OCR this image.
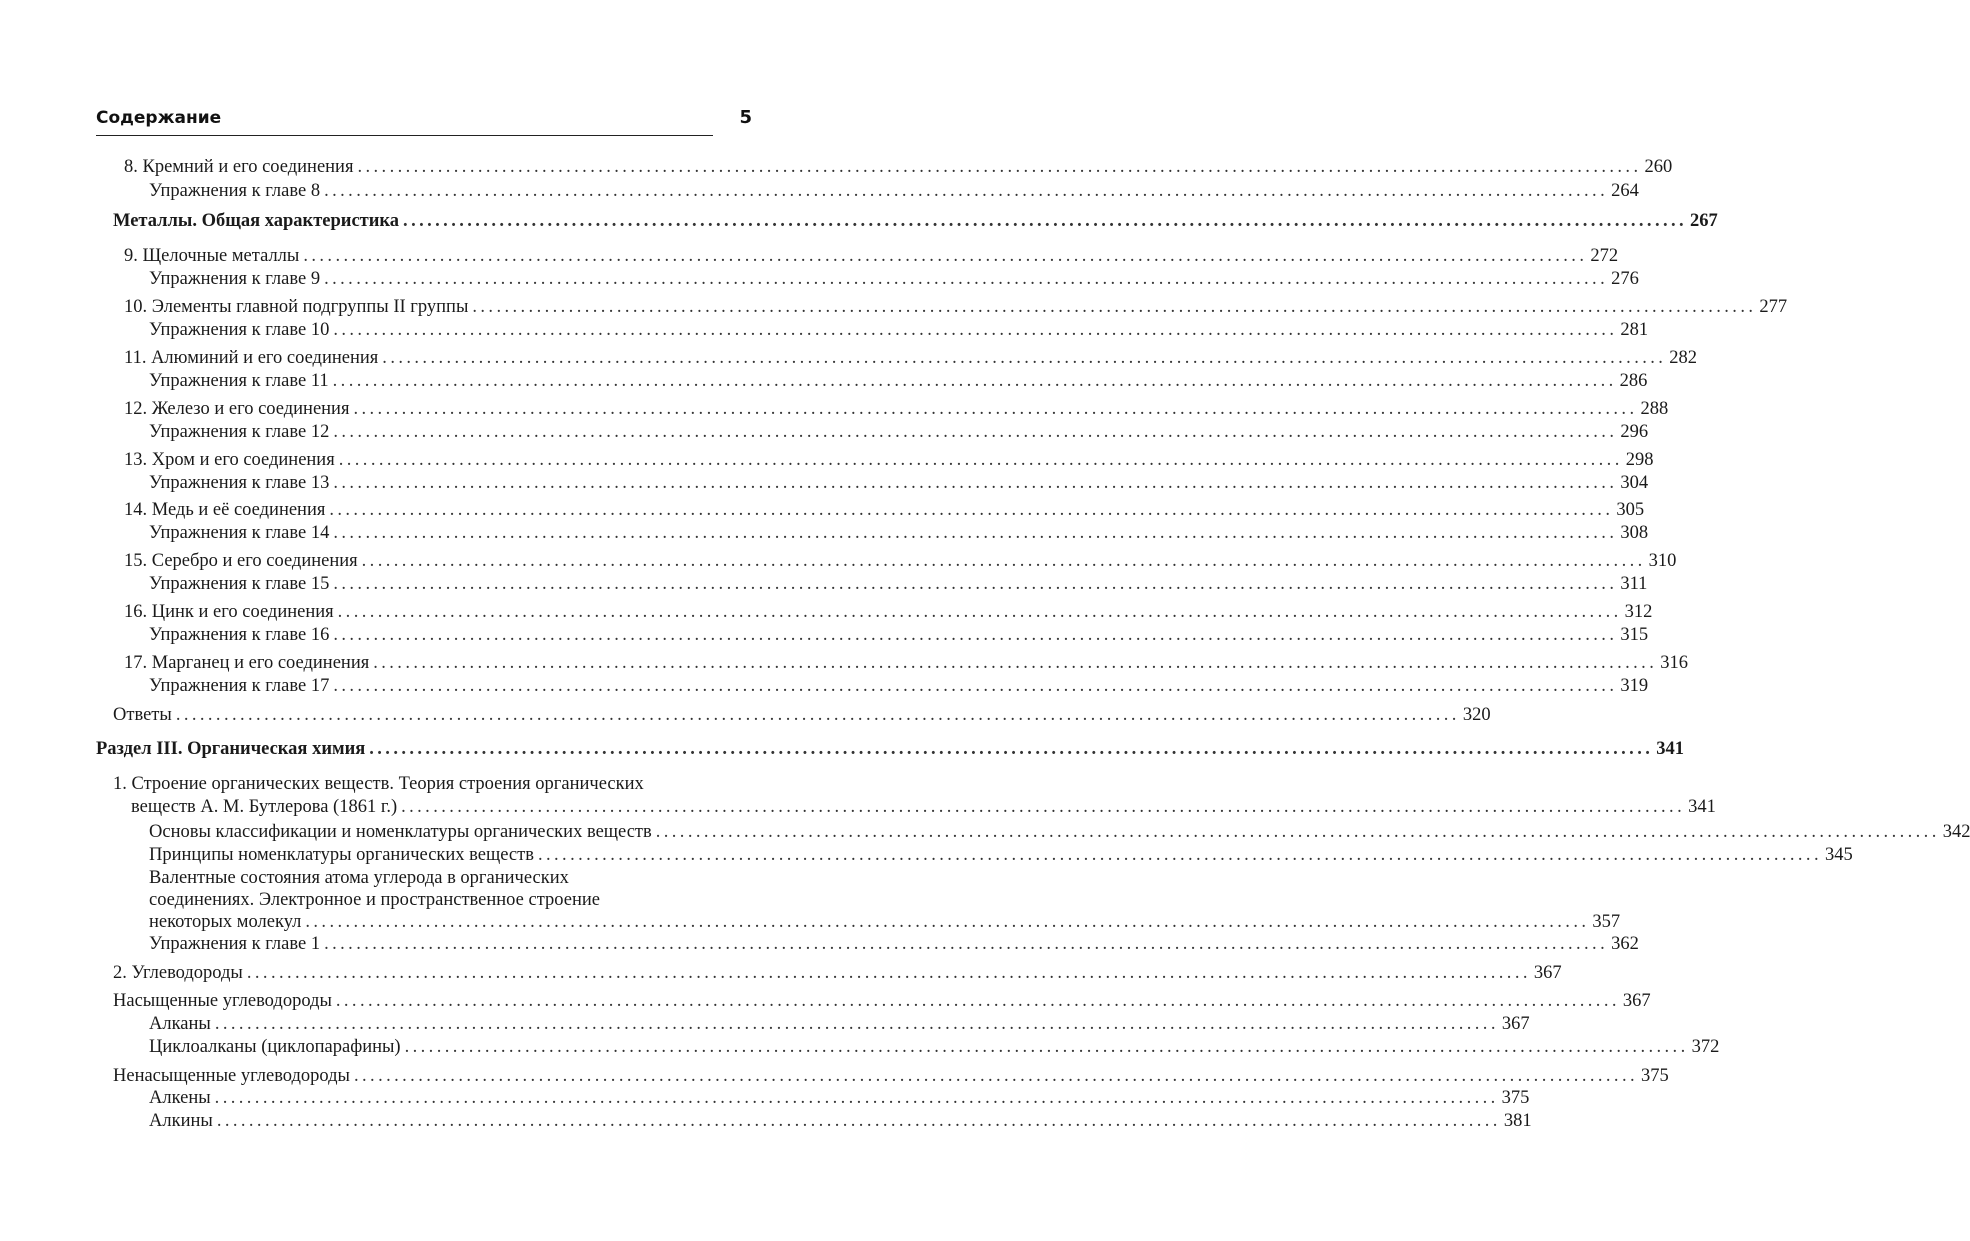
Содержание	5
8. Кремний и его соединения ................................................................................................................................................................ 260
Упражнения к главе 8 ................................................................................................................................................................ 264
Металлы. Общая характеристика ................................................................................................................................................................ 267
9. Щелочные металлы ................................................................................................................................................................ 272
Упражнения к главе 9 ................................................................................................................................................................ 276
10. Элементы главной подгруппы II группы ................................................................................................................................................................ 277
Упражнения к главе 10 ................................................................................................................................................................ 281
11. Алюминий и его соединения ................................................................................................................................................................ 282
Упражнения к главе 11 ................................................................................................................................................................ 286
12. Железо и его соединения ................................................................................................................................................................ 288
Упражнения к главе 12 ................................................................................................................................................................ 296
13. Хром и его соединения ................................................................................................................................................................ 298
Упражнения к главе 13 ................................................................................................................................................................ 304
14. Медь и её соединения ................................................................................................................................................................ 305
Упражнения к главе 14 ................................................................................................................................................................ 308
15. Серебро и его соединения ................................................................................................................................................................ 310
Упражнения к главе 15 ................................................................................................................................................................ 311
16. Цинк и его соединения ................................................................................................................................................................ 312
Упражнения к главе 16 ................................................................................................................................................................ 315
17. Марганец и его соединения ................................................................................................................................................................ 316
Упражнения к главе 17 ................................................................................................................................................................ 319
Ответы ................................................................................................................................................................ 320
Раздел III. Органическая химия ................................................................................................................................................................ 341
1. Строение органических веществ. Теория строения органических
веществ А. М. Бутлерова (1861 г.) ................................................................................................................................................................ 341
Основы классификации и номенклатуры органических веществ ................................................................................................................................................................ 342
Принципы номенклатуры органических веществ ................................................................................................................................................................ 345
Валентные состояния атома углерода в органических
соединениях. Электронное и пространственное строение
некоторых молекул ................................................................................................................................................................ 357
Упражнения к главе 1 ................................................................................................................................................................ 362
2. Углеводороды ................................................................................................................................................................ 367
Насыщенные углеводороды ................................................................................................................................................................ 367
Алканы ................................................................................................................................................................ 367
Циклоалканы (циклопарафины) ................................................................................................................................................................ 372
Ненасыщенные углеводороды ................................................................................................................................................................ 375
Алкены ................................................................................................................................................................ 375
Алкины ................................................................................................................................................................ 381
